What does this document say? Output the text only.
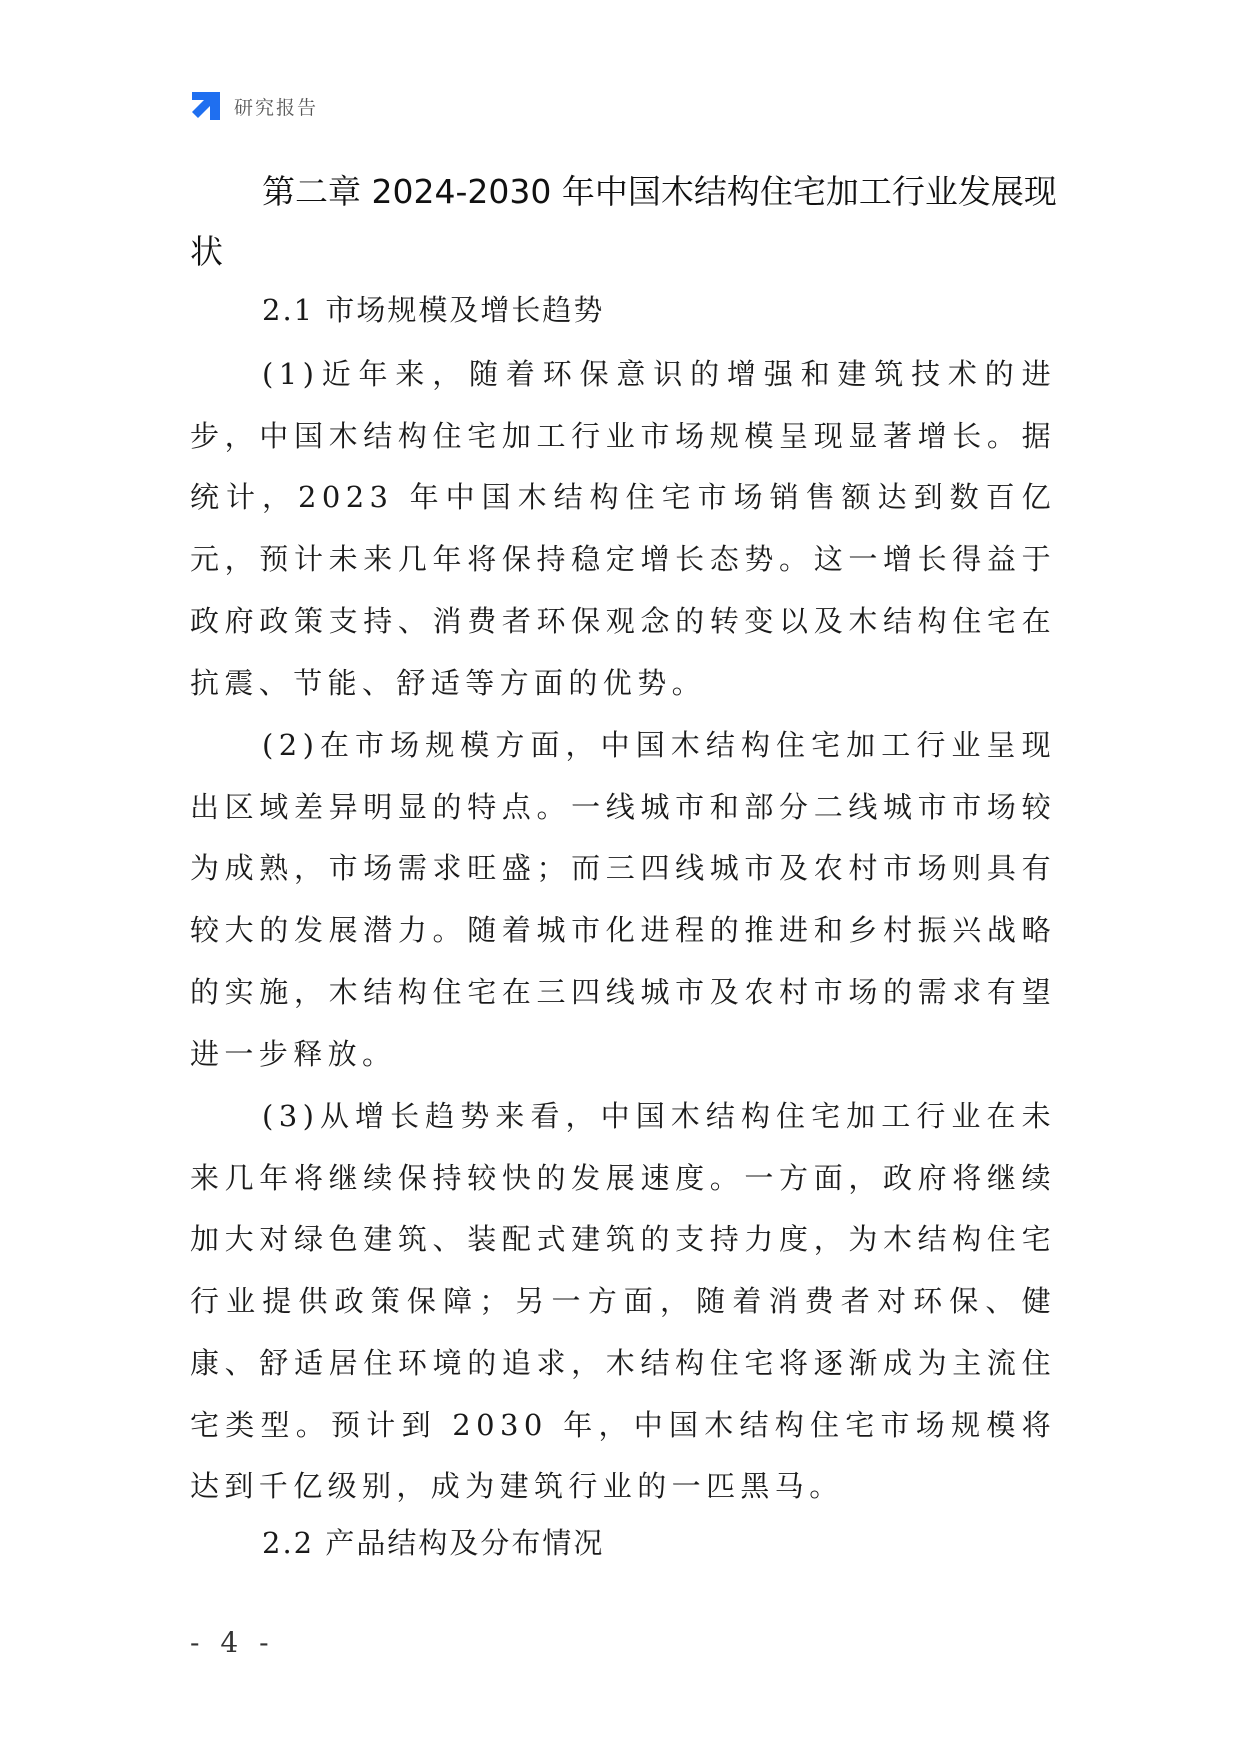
研究报告
第二章 2024-2030 年中国木结构住宅加工行业发展现状
2.1 市场规模及增长趋势

(1)近年来，随着环保意识的增强和建筑技术的进步，中国木结构住宅加工行业市场规模呈现显著增长。据统计，2023 年中国木结构住宅市场销售额达到数百亿元，预计未来几年将保持稳定增长态势。这一增长得益于政府政策支持、消费者环保观念的转变以及木结构住宅在抗震、节能、舒适等方面的优势。

(2)在市场规模方面，中国木结构住宅加工行业呈现出区域差异明显的特点。一线城市和部分二线城市市场较为成熟，市场需求旺盛；而三四线城市及农村市场则具有较大的发展潜力。随着城市化进程的推进和乡村振兴战略的实施，木结构住宅在三四线城市及农村市场的需求有望进一步释放。

(3)从增长趋势来看，中国木结构住宅加工行业在未来几年将继续保持较快的发展速度。一方面，政府将继续加大对绿色建筑、装配式建筑的支持力度，为木结构住宅行业提供政策保障；另一方面，随着消费者对环保、健康、舒适居住环境的追求，木结构住宅将逐渐成为主流住宅类型。预计到 2030 年，中国木结构住宅市场规模将达到千亿级别，成为建筑行业的一匹黑马。

2.2 产品结构及分布情况
- 4 -
